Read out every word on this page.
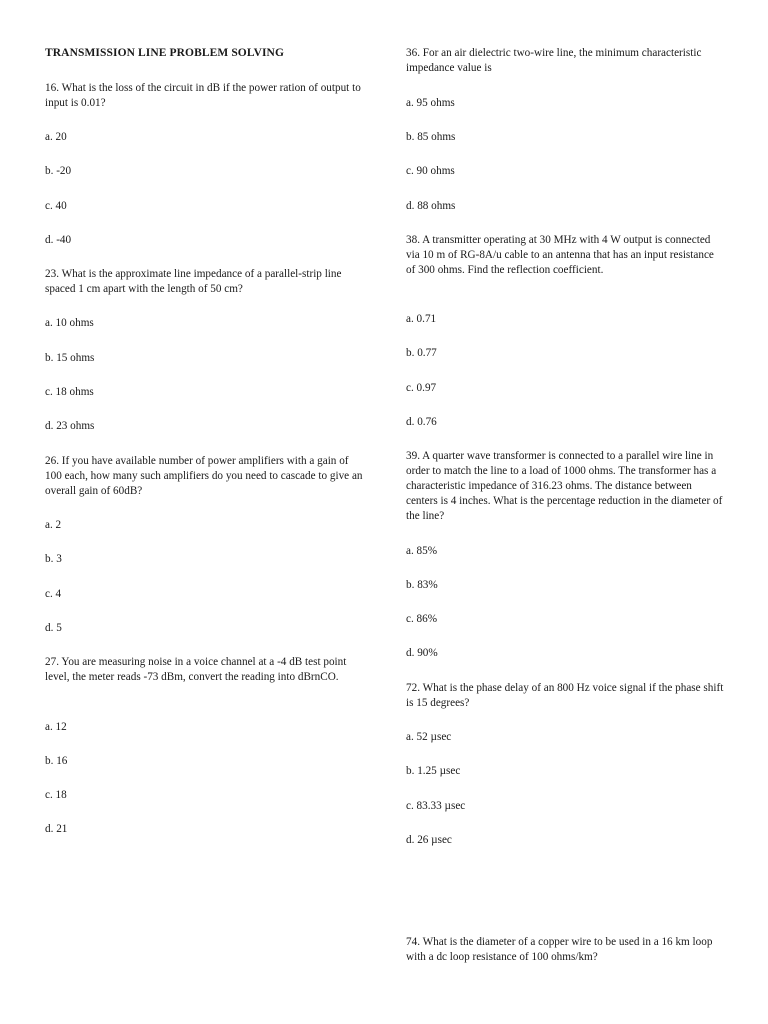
TRANSMISSION LINE PROBLEM SOLVING
16. What is the loss of the circuit in dB if the power ration of output to input is 0.01?
a. 20
b. -20
c. 40
d. -40
23. What is the approximate line impedance of a parallel-strip line spaced 1 cm apart with the length of 50 cm?
a. 10 ohms
b. 15 ohms
c. 18 ohms
d. 23 ohms
26. If you have available number of power amplifiers with a gain of 100 each, how many such amplifiers do you need to cascade to give an overall gain of 60dB?
a. 2
b. 3
c. 4
d. 5
27. You are measuring noise in a voice channel at a -4 dB test point level, the meter reads -73 dBm, convert the reading into dBrnCO.
a. 12
b. 16
c. 18
d. 21
36. For an air dielectric two-wire line, the minimum characteristic impedance value is
a. 95 ohms
b. 85 ohms
c. 90 ohms
d. 88 ohms
38. A transmitter operating at 30 MHz with 4 W output is connected via 10 m of RG-8A/u cable to an antenna that has an input resistance of 300 ohms. Find the reflection coefficient.
a. 0.71
b. 0.77
c. 0.97
d. 0.76
39. A quarter wave transformer is connected to a parallel wire line in order to match the line to a load of 1000 ohms. The transformer has a characteristic impedance of 316.23 ohms. The distance between centers is 4 inches. What is the percentage reduction in the diameter of the line?
a. 85%
b. 83%
c. 86%
d. 90%
72. What is the phase delay of an 800 Hz voice signal if the phase shift is 15 degrees?
a. 52 µsec
b. 1.25 µsec
c. 83.33 µsec
d. 26 µsec
74. What is the diameter of a copper wire to be used in a 16 km loop with a dc loop resistance of 100 ohms/km?
